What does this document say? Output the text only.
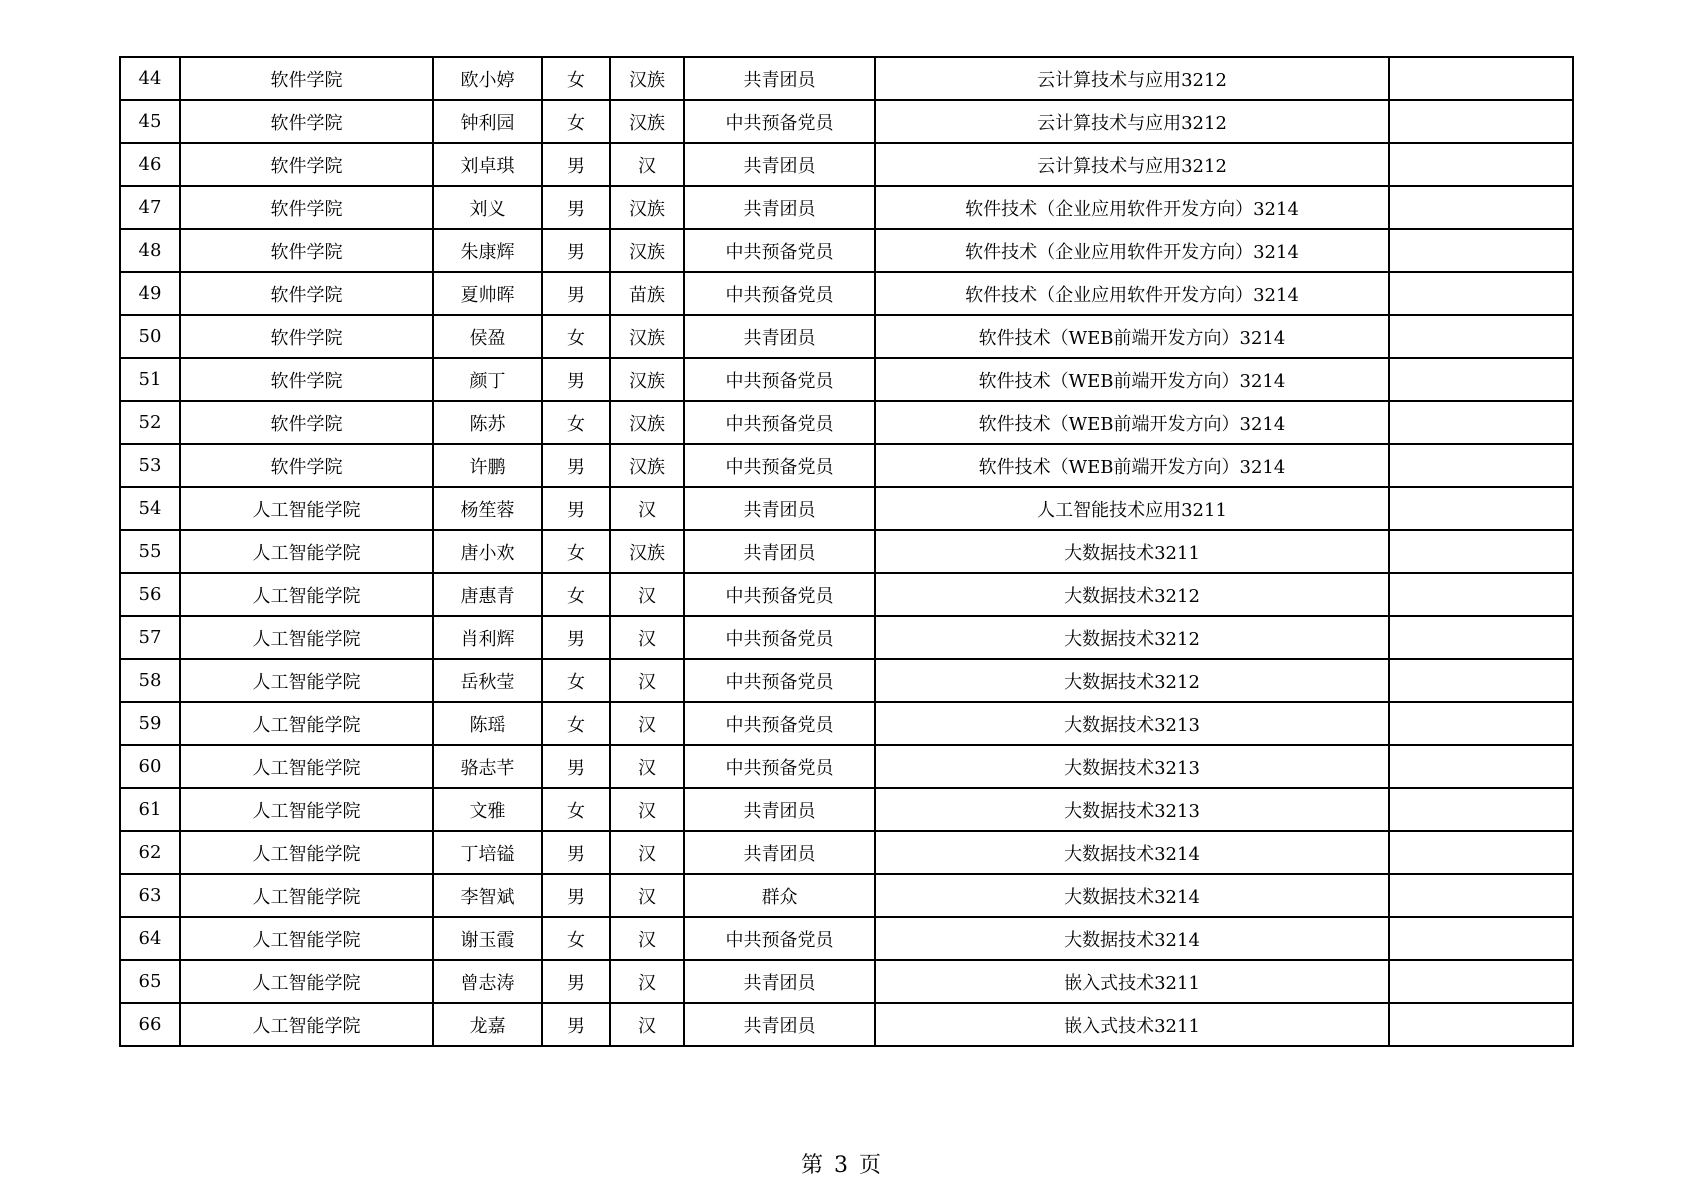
44	软件学院	欧小婷	女	汉族	共青团员	云计算技术与应用3212	
45	软件学院	钟利园	女	汉族	中共预备党员	云计算技术与应用3212	
46	软件学院	刘卓琪	男	汉	共青团员	云计算技术与应用3212	
47	软件学院	刘义	男	汉族	共青团员	软件技术（企业应用软件开发方向）3214	
48	软件学院	朱康辉	男	汉族	中共预备党员	软件技术（企业应用软件开发方向）3214	
49	软件学院	夏帅晖	男	苗族	中共预备党员	软件技术（企业应用软件开发方向）3214	
50	软件学院	侯盈	女	汉族	共青团员	软件技术（WEB前端开发方向）3214	
51	软件学院	颜丁	男	汉族	中共预备党员	软件技术（WEB前端开发方向）3214	
52	软件学院	陈苏	女	汉族	中共预备党员	软件技术（WEB前端开发方向）3214	
53	软件学院	许鹏	男	汉族	中共预备党员	软件技术（WEB前端开发方向）3214	
54	人工智能学院	杨笙蓉	男	汉	共青团员	人工智能技术应用3211	
55	人工智能学院	唐小欢	女	汉族	共青团员	大数据技术3211	
56	人工智能学院	唐惠青	女	汉	中共预备党员	大数据技术3212	
57	人工智能学院	肖利辉	男	汉	中共预备党员	大数据技术3212	
58	人工智能学院	岳秋莹	女	汉	中共预备党员	大数据技术3212	
59	人工智能学院	陈瑶	女	汉	中共预备党员	大数据技术3213	
60	人工智能学院	骆志芊	男	汉	中共预备党员	大数据技术3213	
61	人工智能学院	文雅	女	汉	共青团员	大数据技术3213	
62	人工智能学院	丁培镒	男	汉	共青团员	大数据技术3214	
63	人工智能学院	李智斌	男	汉	群众	大数据技术3214	
64	人工智能学院	谢玉霞	女	汉	中共预备党员	大数据技术3214	
65	人工智能学院	曾志涛	男	汉	共青团员	嵌入式技术3211	
66	人工智能学院	龙嘉	男	汉	共青团员	嵌入式技术3211	
第 3 页
